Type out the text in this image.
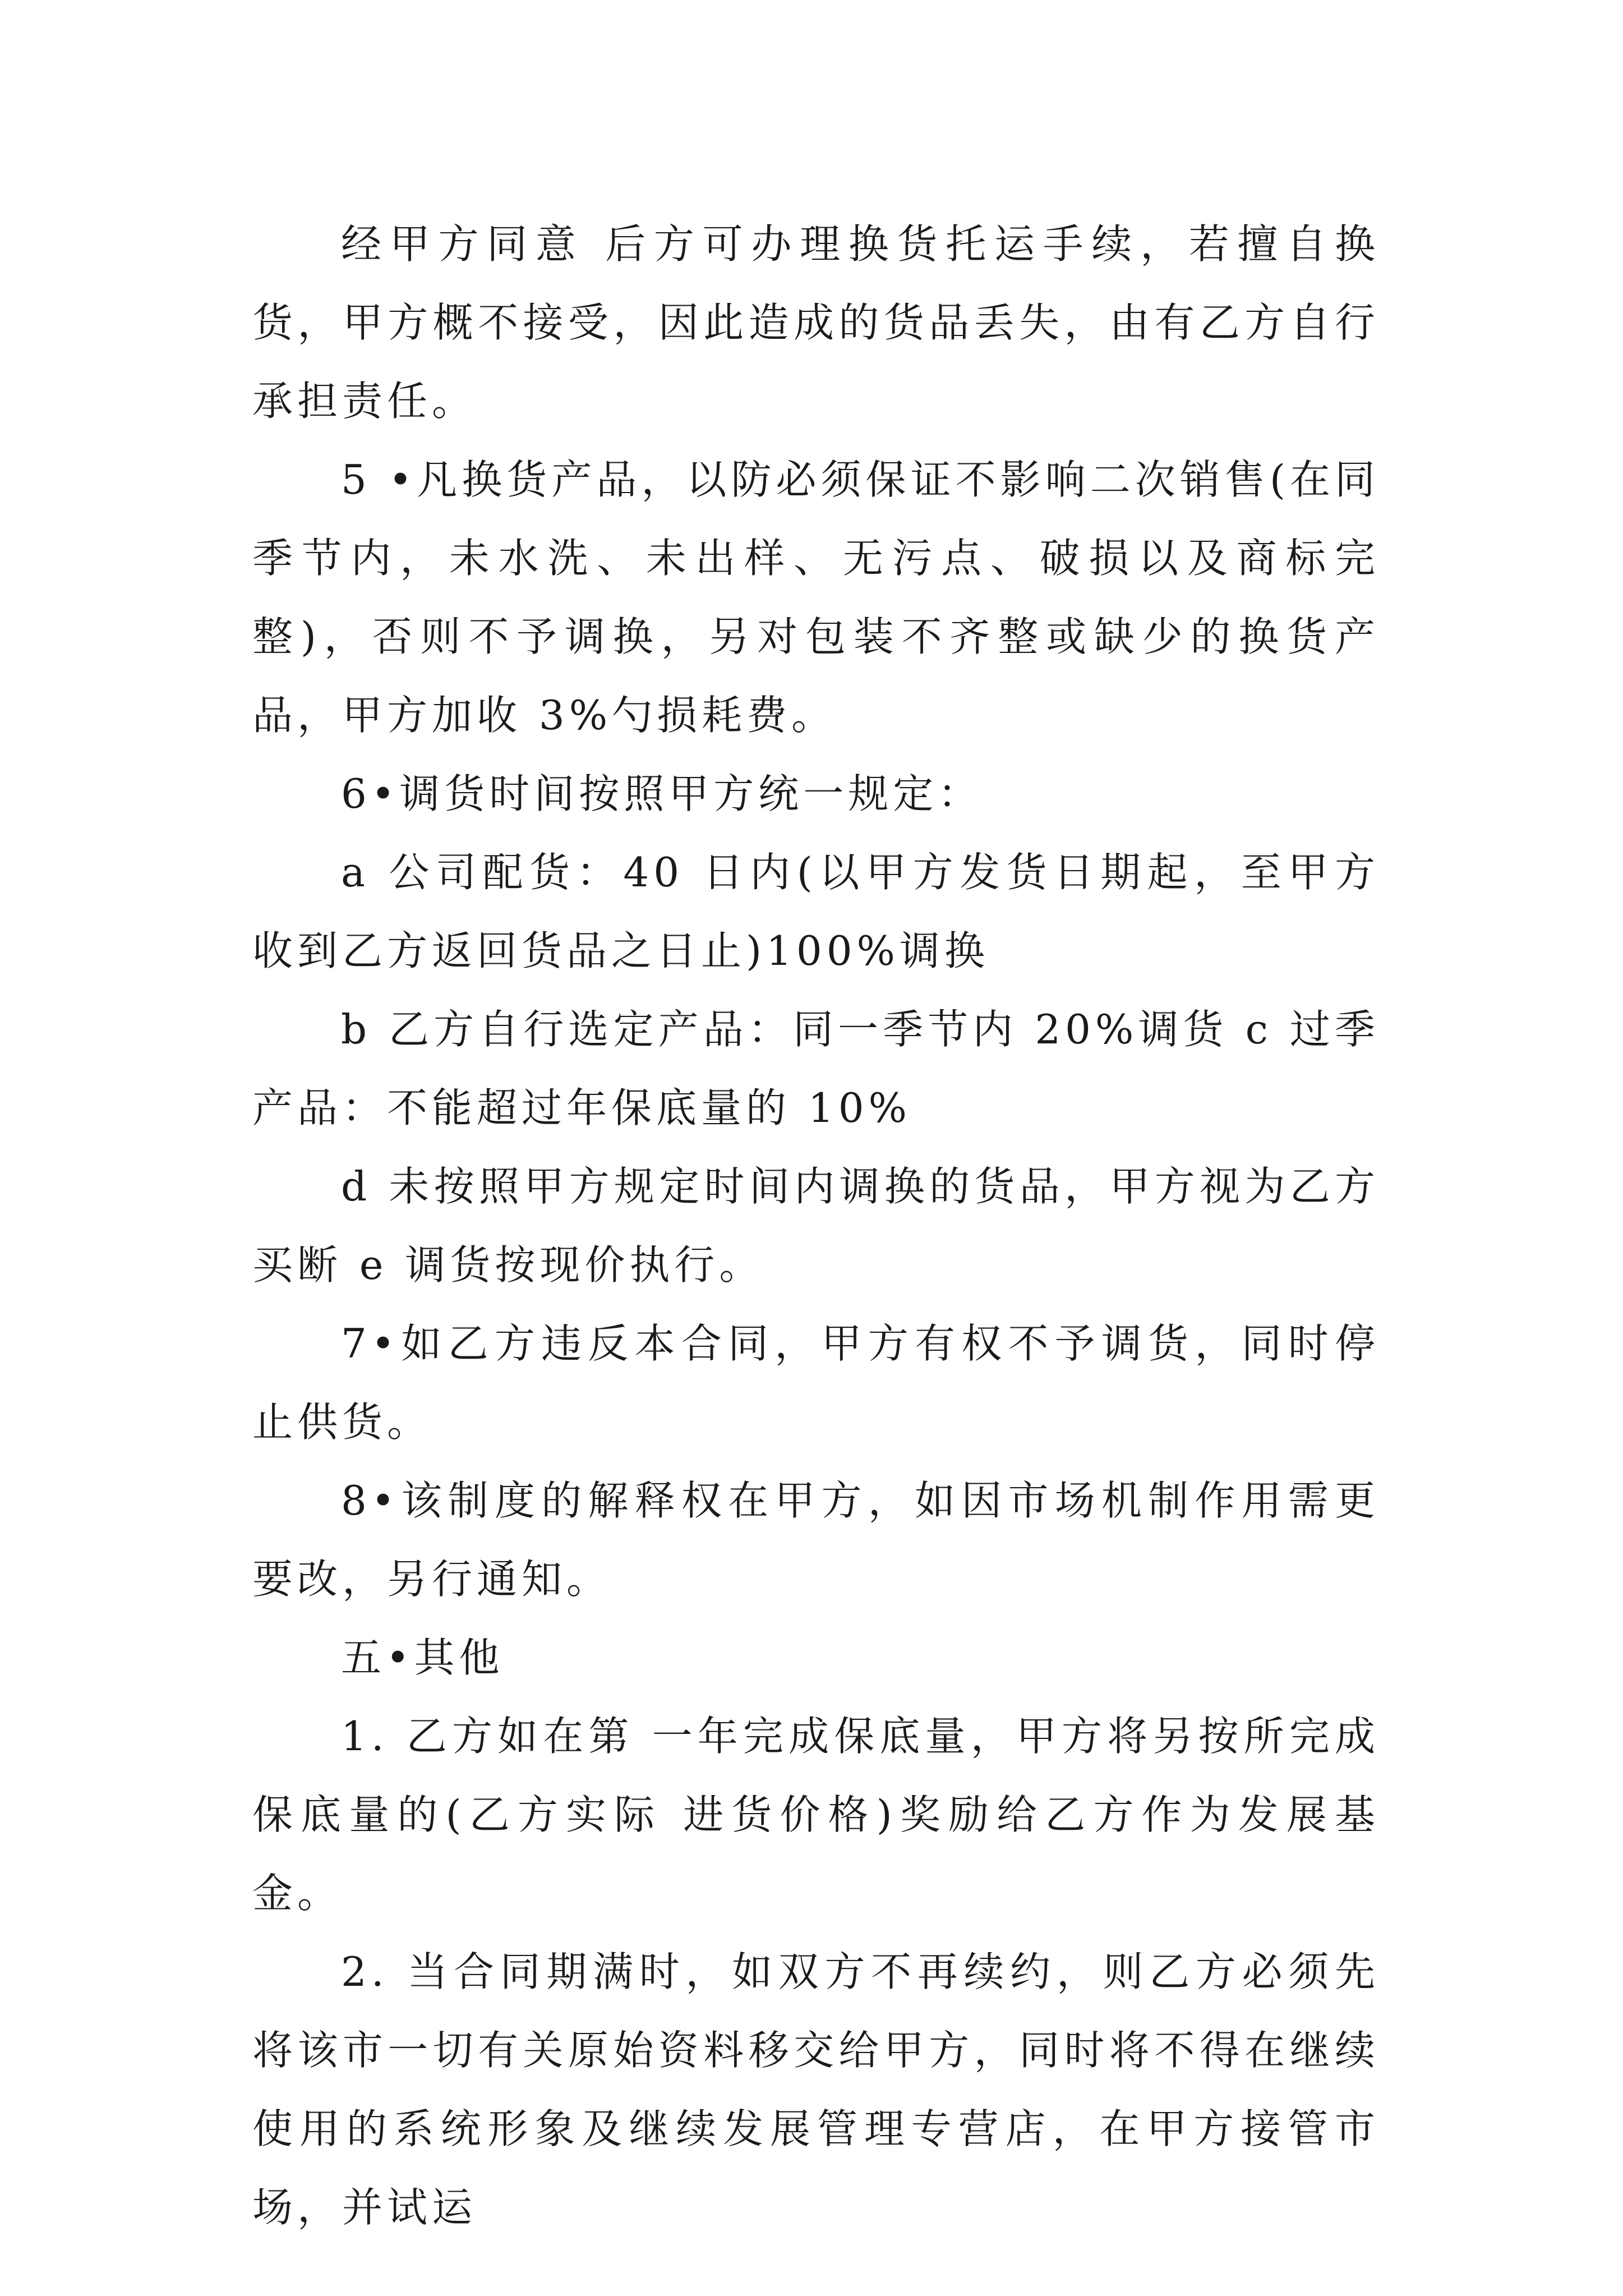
经甲方同意 后方可办理换货托运手续，若擅自换货，甲方概不接受，因此造成的货品丢失，由有乙方自行承担责任。

5 •凡换货产品，以防必须保证不影响二次销售(在同季节内，未水洗、未出样、无污点、破损以及商标完整)，否则不予调换，另对包装不齐整或缺少的换货产品，甲方加收 3%勺损耗费。

6•调货时间按照甲方统一规定：

a 公司配货：40 日内(以甲方发货日期起，至甲方收到乙方返回货品之日止)100%调换

b 乙方自行选定产品：同一季节内 20%调货 c 过季产品：不能超过年保底量的 10%

d 未按照甲方规定时间内调换的货品，甲方视为乙方买断 e 调货按现价执行。

7•如乙方违反本合同，甲方有权不予调货，同时停止供货。

8•该制度的解释权在甲方，如因市场机制作用需更要改，另行通知。

五•其他

1. 乙方如在第 一年完成保底量，甲方将另按所完成保底量的(乙方实际 进货价格)奖励给乙方作为发展基金。

2. 当合同期满时，如双方不再续约，则乙方必须先将该市一切有关原始资料移交给甲方，同时将不得在继续使用的系统形象及继续发展管理专营店，在甲方接管市场，并试运
